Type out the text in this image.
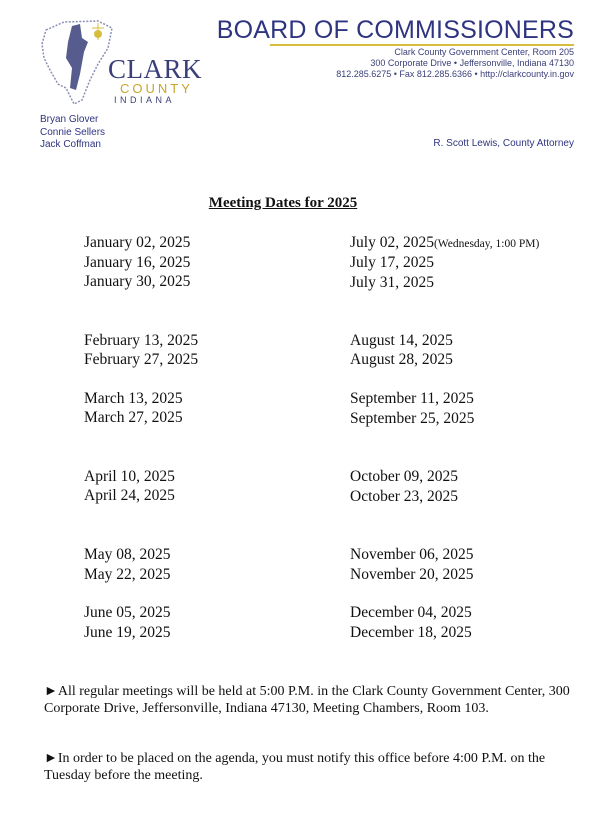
CLARK
COUNTY
INDIANA
BOARD OF COMMISSIONERS
Clark County Government Center, Room 205
300 Corporate Drive • Jeffersonville, Indiana 47130
812.285.6275 • Fax 812.285.6366 • http://clarkcounty.in.gov
Bryan Glover
Connie Sellers
Jack Coffman	R. Scott Lewis, County Attorney
Meeting Dates for 2025
January 02, 2025
January 16, 2025
January 30, 2025
February 13, 2025
February 27, 2025
March 13, 2025
March 27, 2025
April 10, 2025
April 24, 2025
May 08, 2025
May 22, 2025
June 05, 2025
June 19, 2025
July 02, 2025(Wednesday, 1:00 PM)
July 17, 2025
July 31, 2025
August 14, 2025
August 28, 2025
September 11, 2025
September 25, 2025
October 09, 2025
October 23, 2025
November 06, 2025
November 20, 2025
December 04, 2025
December 18, 2025
►All regular meetings will be held at 5:00 P.M. in the Clark County Government Center, 300 Corporate Drive, Jeffersonville, Indiana 47130, Meeting Chambers, Room 103.
►In order to be placed on the agenda, you must notify this office before 4:00 P.M. on the Tuesday before the meeting.
